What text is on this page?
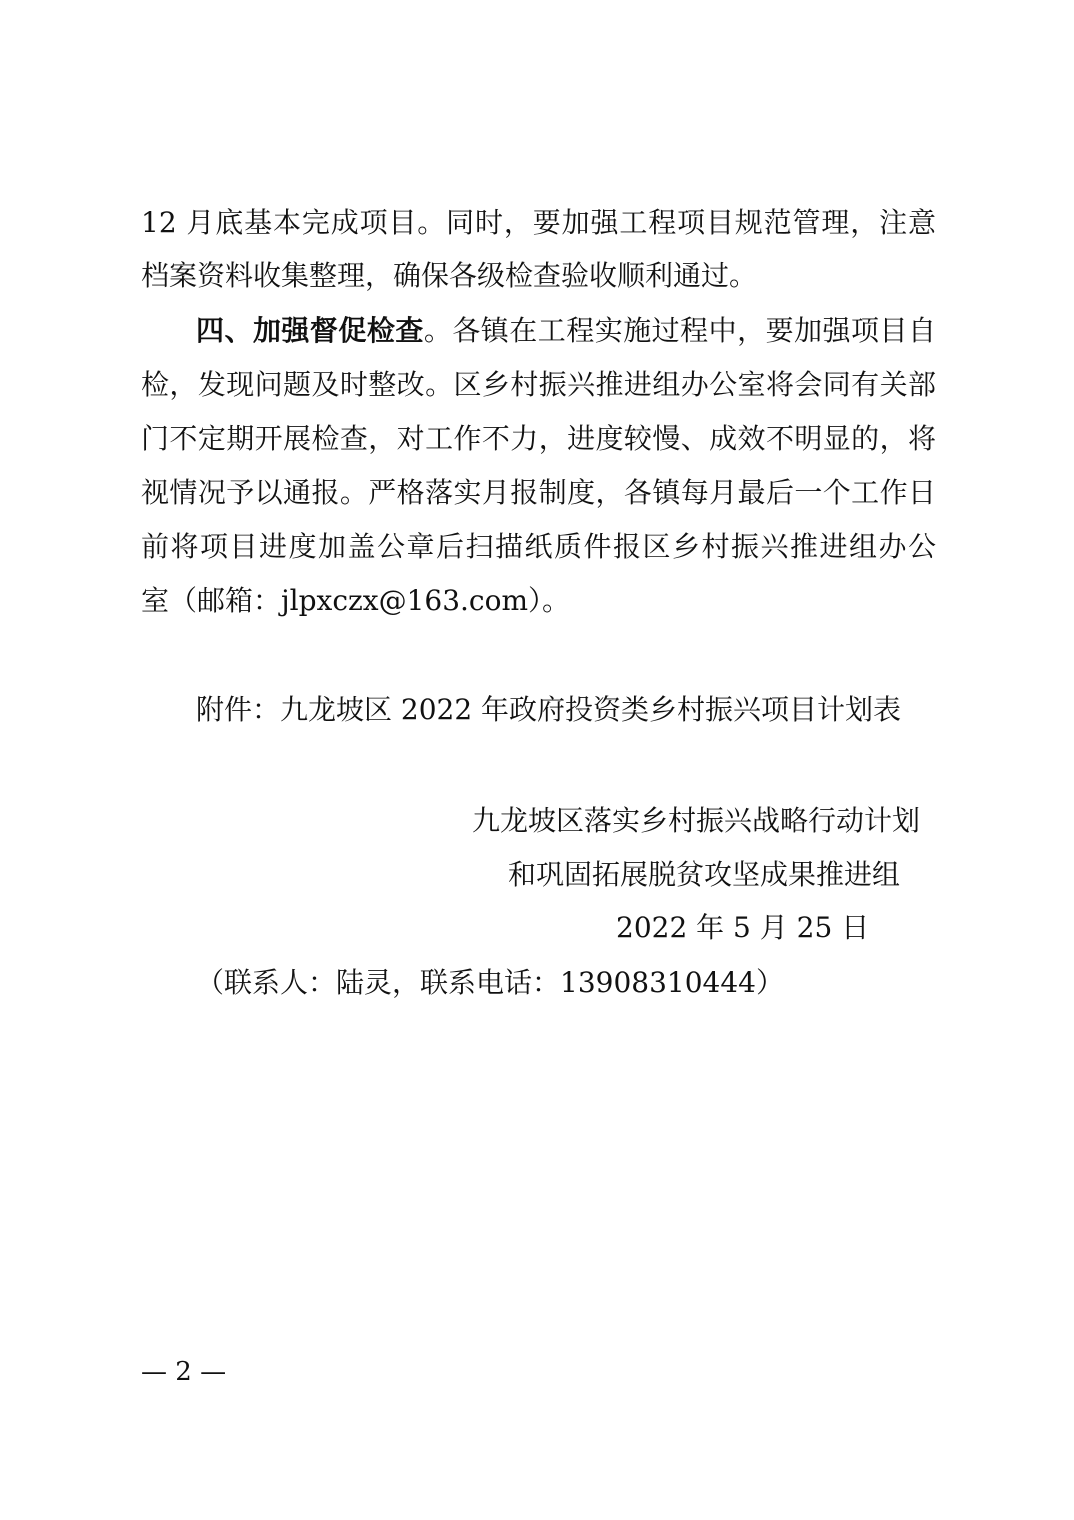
12 月底基本完成项目。同时，要加强工程项目规范管理，注意
档案资料收集整理，确保各级检查验收顺利通过。
四、加强督促检查。各镇在工程实施过程中，要加强项目自
检，发现问题及时整改。区乡村振兴推进组办公室将会同有关部
门不定期开展检查，对工作不力，进度较慢、成效不明显的，将
视情况予以通报。严格落实月报制度，各镇每月最后一个工作日
前将项目进度加盖公章后扫描纸质件报区乡村振兴推进组办公
室（邮箱：jlpxczx@163.com）。
附件：九龙坡区 2022 年政府投资类乡村振兴项目计划表
九龙坡区落实乡村振兴战略行动计划
和巩固拓展脱贫攻坚成果推进组
2022 年 5 月 25 日
（联系人：陆灵，联系电话：13908310444）
— 2 —
